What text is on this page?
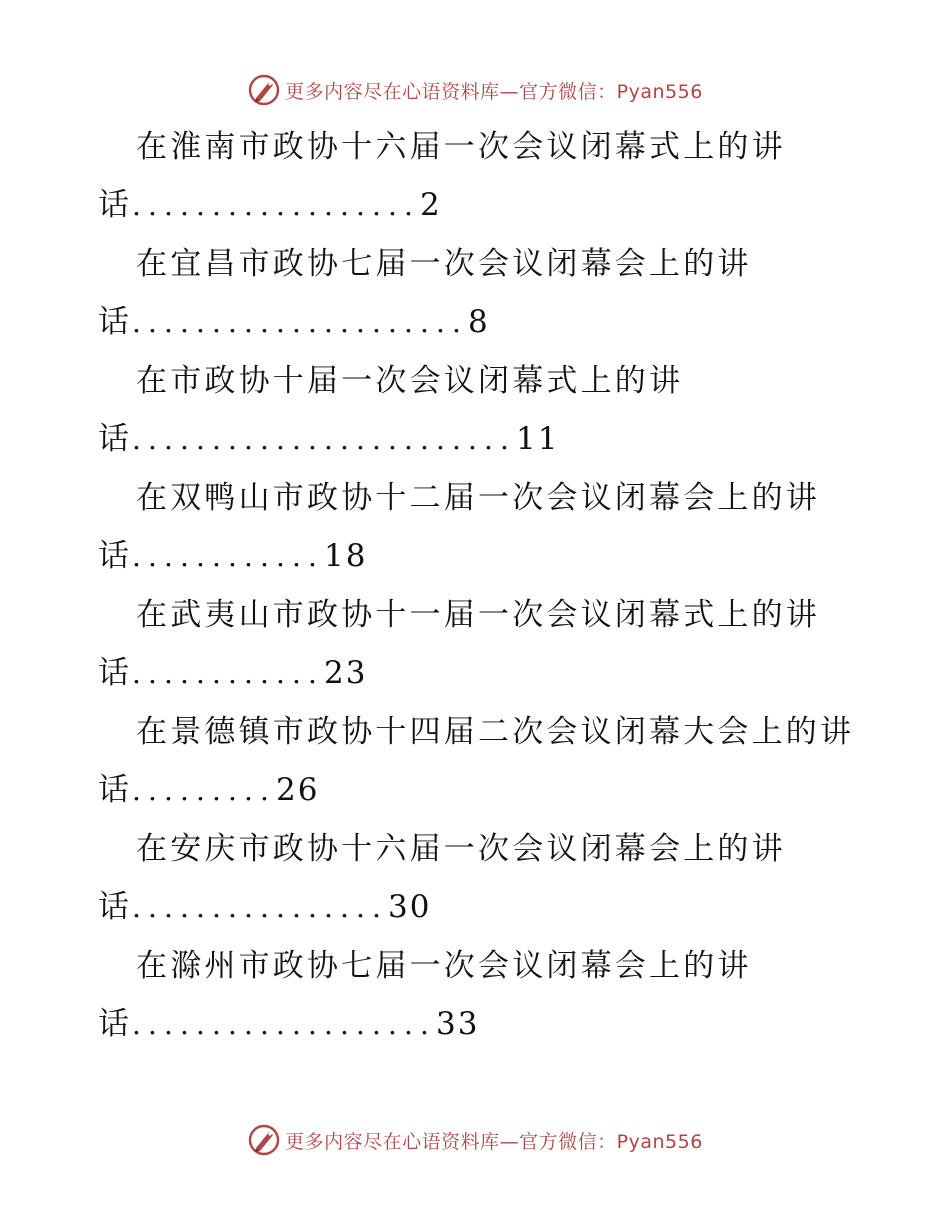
更多内容尽在心语资料库—官方微信：Pyan556
在淮南市政协十六届一次会议闭幕式上的讲
话..................2
在宜昌市政协七届一次会议闭幕会上的讲
话.....................8
在市政协十届一次会议闭幕式上的讲
话........................11
在双鸭山市政协十二届一次会议闭幕会上的讲
话............18
在武夷山市政协十一届一次会议闭幕式上的讲
话............23
在景德镇市政协十四届二次会议闭幕大会上的讲
话.........26
在安庆市政协十六届一次会议闭幕会上的讲
话................30
在滁州市政协七届一次会议闭幕会上的讲
话...................33
更多内容尽在心语资料库—官方微信：Pyan556
